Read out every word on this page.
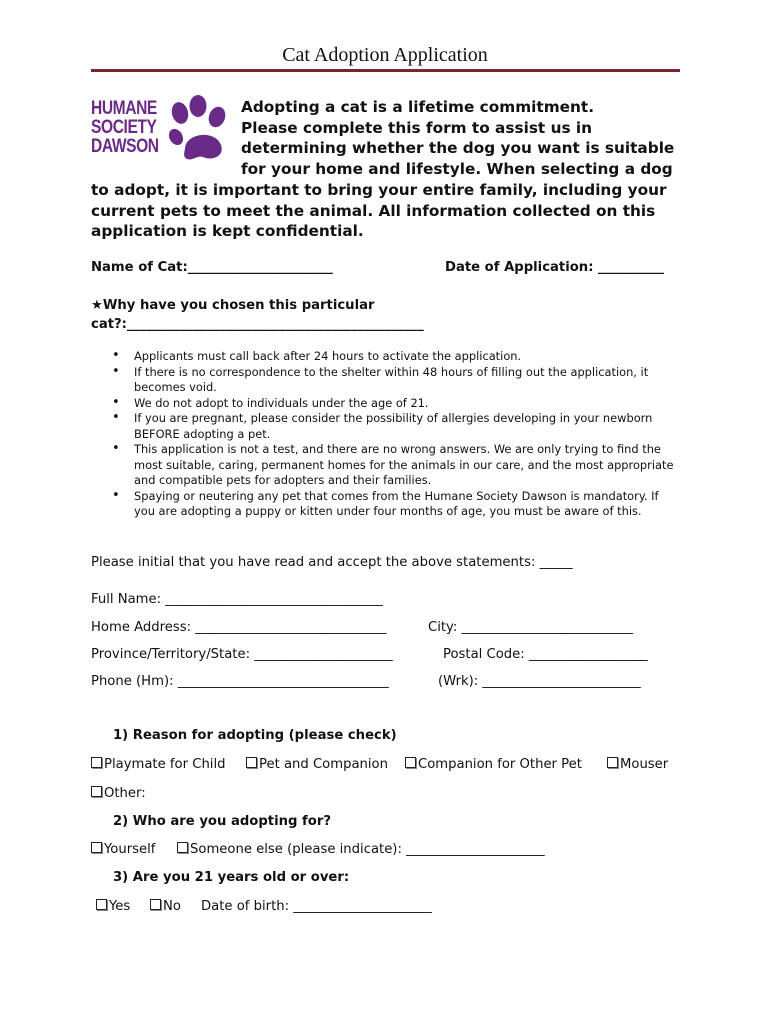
Cat Adoption Application
HUMANE
SOCIETY
DAWSON

Adopting a cat is a lifetime commitment.

Please complete this form to assist us in determining whether the dog you want is suitable for your home and lifestyle. When selecting a dog to adopt, it is important to bring your entire family, including your current pets to meet the animal. All information collected on this application is kept confidential.

Name of Cat:______________________	Date of Application: __________
★Why have you chosen this particular cat?:_____________________________________________
• Applicants must call back after 24 hours to activate the application.
• If there is no correspondence to the shelter within 48 hours of filling out the application, it becomes void.
• We do not adopt to individuals under the age of 21.
• If you are pregnant, please consider the possibility of allergies developing in your newborn BEFORE adopting a pet.
• This application is not a test, and there are no wrong answers. We are only trying to find the most suitable, caring, permanent homes for the animals in our care, and the most appropriate and compatible pets for adopters and their families.
• Spaying or neutering any pet that comes from the Humane Society Dawson is mandatory. If you are adopting a puppy or kitten under four months of age, you must be aware of this.
Please initial that you have read and accept the above statements: _____
Full Name: _________________________________
Home Address: _____________________________	City: __________________________
Province/Territory/State: _____________________	Postal Code: __________________
Phone (Hm): ________________________________	(Wrk): ________________________
1) Reason for adopting (please check)
Playmate for Child	Pet and Companion	Companion for Other Pet	Mouser
Other:
2) Who are you adopting for?
Yourself	Someone else (please indicate): _____________________
3) Are you 21 years old or over:
Yes	No Date of birth: _____________________
